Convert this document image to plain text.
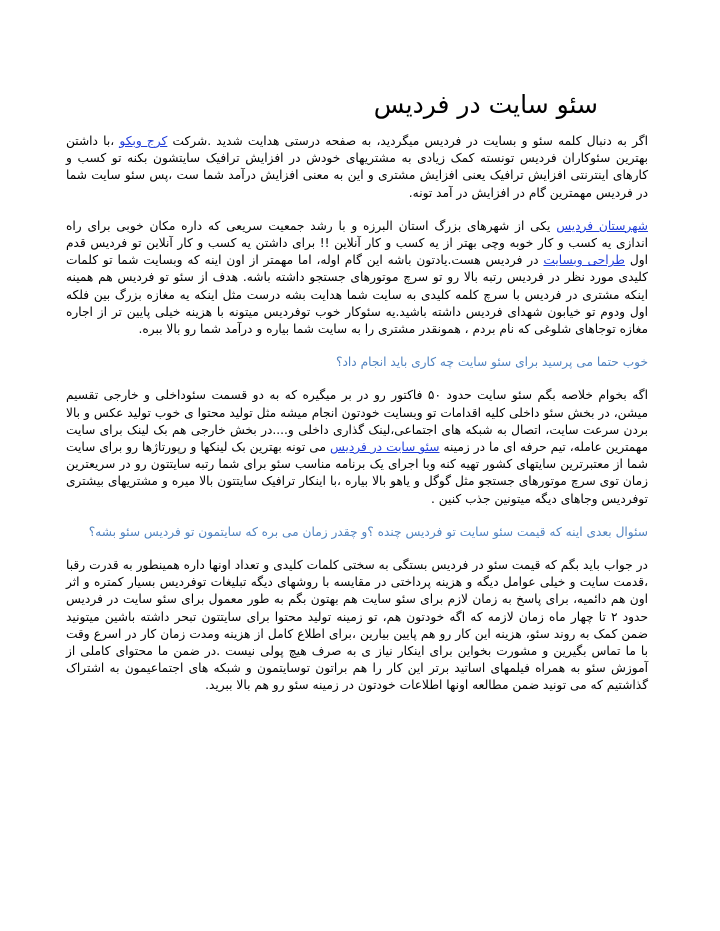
سئو سایت در فردیس

اگر به دنبال کلمه سئو و بسایت در فردیس میگردید، به صفحه درستی هدایت شدید .شرکت کرج وبکو ،با داشتن بهترین سئوکاران فردیس تونسته کمک زیادی به مشتریهای خودش در افزایش ترافیک سایتشون بکنه تو کسب و کارهای اینترنتی افزایش ترافیک یعنی افزایش مشتری و این به معنی افزایش درآمد شما ست ،پس سئو سایت شما در فردیس مهمترین گام در افزایش در آمد تونه.

شهرستان فردیس یکی از شهرهای بزرگ استان البرزه و با رشد جمعیت سریعی که داره مکان خوبی برای راه اندازی یه کسب و کار خوبه وچی بهتر از یه کسب و کار آنلاین !! برای داشتن یه کسب و کار آنلاین تو فردیس قدم اول طراحی وبسایت در فردیس هست.یادتون باشه این گام اوله، اما مهمتر از اون اینه که وبسایت شما تو کلمات کلیدی مورد نظر در فردیس رتبه بالا رو تو سرچ موتورهای جستجو داشته باشه. هدف از سئو تو فردیس هم همینه اینکه مشتری در فردیس با سرچ کلمه کلیدی به سایت شما هدایت بشه درست مثل اینکه یه مغازه بزرگ بین فلکه اول ودوم تو خیابون شهدای فردیس داشته باشید.یه سئوکار خوب توفردیس میتونه با هزینه خیلی پایین تر از اجاره مغازه توجاهای شلوغی که نام بردم ، همونقدر مشتری را به سایت شما بیاره و درآمد شما رو بالا ببره.

خوب حتما می پرسید برای سئو سایت چه کاری باید انجام داد؟

اگه بخوام خلاصه بگم سئو سایت حدود ۵۰ فاکتور رو در بر میگیره که به دو قسمت سئوداخلی و خارجی تقسیم میشن، در بخش سئو داخلی کلیه اقدامات تو وبسایت خودتون انجام میشه مثل تولید محتوا ی خوب تولید عکس و بالا بردن سرعت سایت، اتصال به شبکه های اجتماعی،لینک گذاری داخلی و....در بخش خارجی هم بک لینک برای سایت مهمترین عامله، تیم حرفه ای ما در زمینه سئو سایت در فردیس می تونه بهترین بک لینکها و رپورتاژها رو برای سایت شما از معتبرترین سایتهای کشور تهیه کنه وبا اجرای یک برنامه مناسب سئو برای شما رتبه سایتتون رو در سریعترین زمان توی سرچ موتورهای جستجو مثل گوگل و یاهو بالا بیاره ،با اینکار ترافیک سایتتون بالا میره و مشتریهای بیشتری توفردیس وجاهای دیگه میتونین جذب کنین .

سئوال بعدی اینه که قیمت سئو سایت تو فردیس چنده ؟و چقدر زمان می بره که سایتمون تو فردیس سئو بشه؟

در جواب باید بگم که قیمت سئو در فردیس بستگی به سختی کلمات کلیدی و تعداد اونها داره همینطور به قدرت رقبا ،قدمت سایت و خیلی عوامل دیگه و هزینه پرداختی در مقایسه با روشهای دیگه تبلیغات توفردیس بسیار کمتره و اثر اون هم دائمیه، برای پاسخ به زمان لازم برای سئو سایت هم بهتون بگم به طور معمول برای سئو سایت در فردیس حدود ۲ تا چهار ماه زمان لازمه که اگه خودتون هم، تو زمینه تولید محتوا برای سایتتون تبحر داشته باشین میتونید ضمن کمک به روند سئو، هزینه این کار رو هم پایین بیارین ،برای اطلاع کامل از هزینه ومدت زمان کار در اسرع وقت با ما تماس بگیرین و مشورت بخواین برای اینکار نیاز ی به صرف هیچ پولی نیست .در ضمن ما محتوای کاملی از آموزش سئو به همراه فیلمهای اساتید برتر این کار را هم براتون توسایتمون و شبکه های اجتماعیمون به اشتراک گذاشتیم که می تونید ضمن مطالعه اونها اطلاعات خودتون در زمینه سئو رو هم بالا ببرید.
